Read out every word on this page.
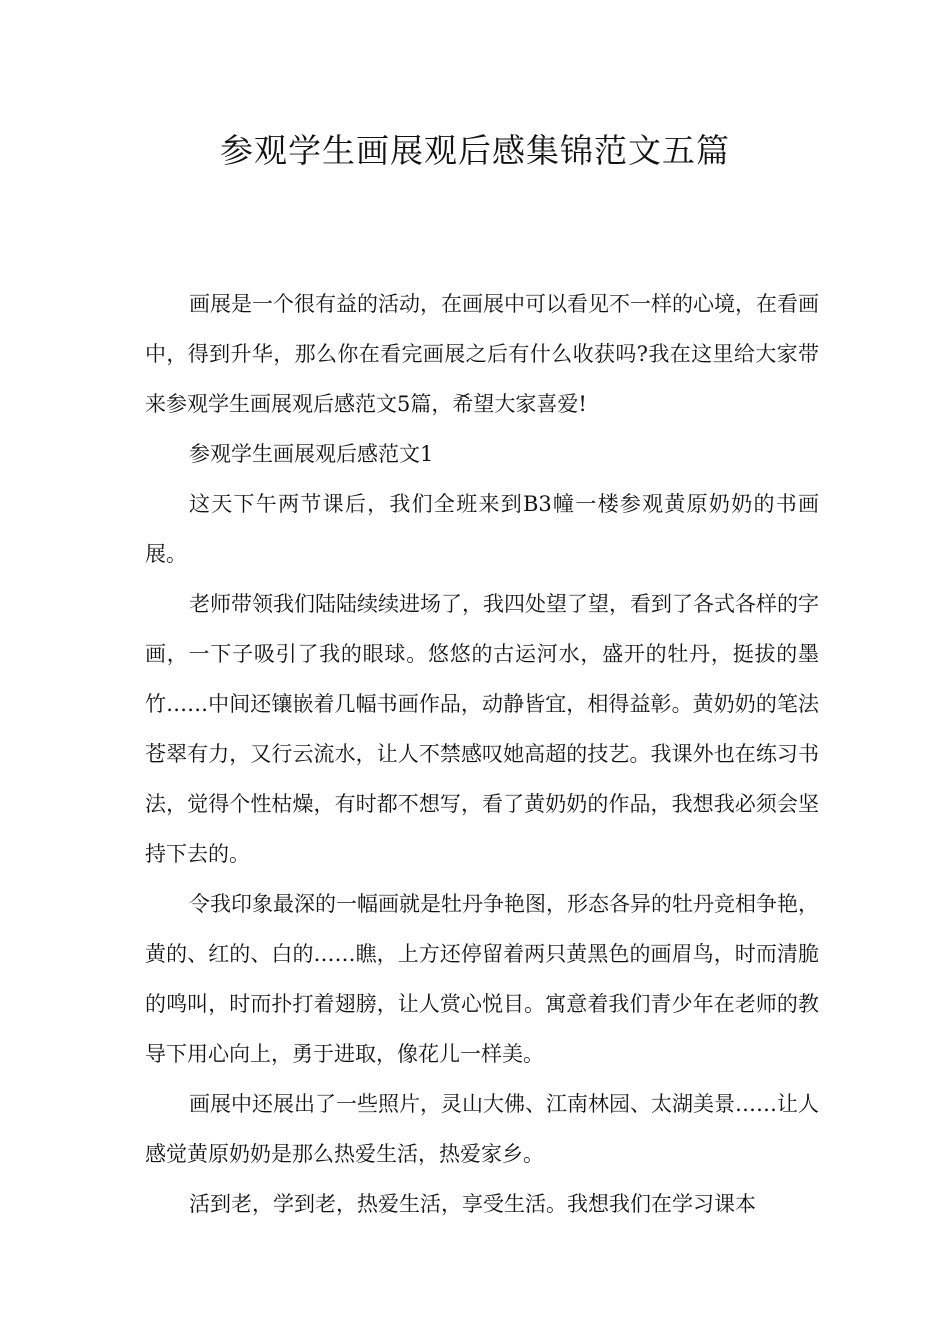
参观学生画展观后感集锦范文五篇

画展是一个很有益的活动，在画展中可以看见不一样的心境，在看画中，得到升华，那么你在看完画展之后有什么收获吗?我在这里给大家带来参观学生画展观后感范文5篇，希望大家喜爱!

参观学生画展观后感范文1

这天下午两节课后，我们全班来到B3幢一楼参观黄原奶奶的书画展。

老师带领我们陆陆续续进场了，我四处望了望，看到了各式各样的字画，一下子吸引了我的眼球。悠悠的古运河水，盛开的牡丹，挺拔的墨竹……中间还镶嵌着几幅书画作品，动静皆宜，相得益彰。黄奶奶的笔法苍翠有力，又行云流水，让人不禁感叹她高超的技艺。我课外也在练习书法，觉得个性枯燥，有时都不想写，看了黄奶奶的作品，我想我必须会坚持下去的。

令我印象最深的一幅画就是牡丹争艳图，形态各异的牡丹竞相争艳，黄的、红的、白的……瞧，上方还停留着两只黄黑色的画眉鸟，时而清脆的鸣叫，时而扑打着翅膀，让人赏心悦目。寓意着我们青少年在老师的教导下用心向上，勇于进取，像花儿一样美。

画展中还展出了一些照片，灵山大佛、江南林园、太湖美景……让人感觉黄原奶奶是那么热爱生活，热爱家乡。

活到老，学到老，热爱生活，享受生活。我想我们在学习课本
